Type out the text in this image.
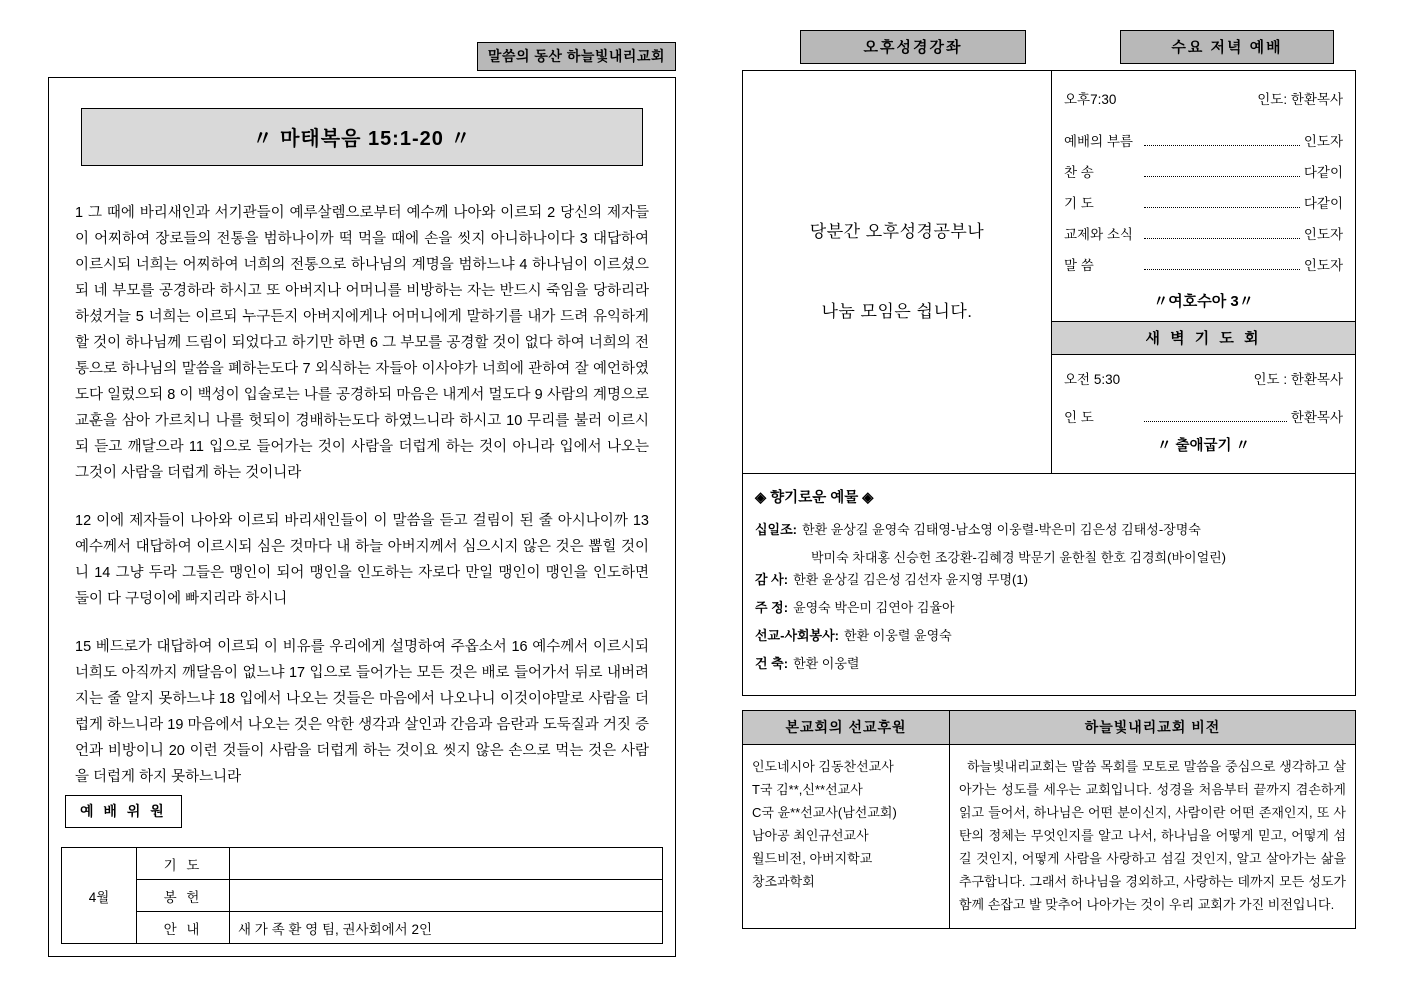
말씀의 동산 하늘빛내리교회
〃 마태복음 15:1-20 〃

1 그 때에 바리새인과 서기관들이 예루살렘으로부터 예수께 나아와 이르되 2 당신의 제자들이 어찌하여 장로들의 전통을 범하나이까 떡 먹을 때에 손을 씻지 아니하나이다 3 대답하여 이르시되 너희는 어찌하여 너희의 전통으로 하나님의 계명을 범하느냐 4 하나님이 이르셨으되 네 부모를 공경하라 하시고 또 아버지나 어머니를 비방하는 자는 반드시 죽임을 당하리라 하셨거늘 5 너희는 이르되 누구든지 아버지에게나 어머니에게 말하기를 내가 드려 유익하게 할 것이 하나님께 드림이 되었다고 하기만 하면 6 그 부모를 공경할 것이 없다 하여 너희의 전통으로 하나님의 말씀을 폐하는도다 7 외식하는 자들아 이사야가 너희에 관하여 잘 예언하였도다 일렀으되 8 이 백성이 입술로는 나를 공경하되 마음은 내게서 멀도다 9 사람의 계명으로 교훈을 삼아 가르치니 나를 헛되이 경배하는도다 하였느니라 하시고 10 무리를 불러 이르시되 듣고 깨달으라 11 입으로 들어가는 것이 사람을 더럽게 하는 것이 아니라 입에서 나오는 그것이 사람을 더럽게 하는 것이니라

12 이에 제자들이 나아와 이르되 바리새인들이 이 말씀을 듣고 걸림이 된 줄 아시나이까 13 예수께서 대답하여 이르시되 심은 것마다 내 하늘 아버지께서 심으시지 않은 것은 뽑힐 것이니 14 그냥 두라 그들은 맹인이 되어 맹인을 인도하는 자로다 만일 맹인이 맹인을 인도하면 둘이 다 구덩이에 빠지리라 하시니

15 베드로가 대답하여 이르되 이 비유를 우리에게 설명하여 주옵소서 16 예수께서 이르시되 너희도 아직까지 깨달음이 없느냐 17 입으로 들어가는 모든 것은 배로 들어가서 뒤로 내버려지는 줄 알지 못하느냐 18 입에서 나오는 것들은 마음에서 나오나니 이것이야말로 사람을 더럽게 하느니라 19 마음에서 나오는 것은 악한 생각과 살인과 간음과 음란과 도둑질과 거짓 증언과 비방이니 20 이런 것들이 사람을 더럽게 하는 것이요 씻지 않은 손으로 먹는 것은 사람을 더럽게 하지 못하느니라

예 배 위 원
4월	기 도	
	봉 헌	
	안 내	새 가 족 환 영 팀, 권사회에서 2인
오후성경강좌	수요 저녁 예배

당분간 오후성경공부나

나눔 모임은 쉽니다.

오후7:30	인도: 한환목사
예배의 부름	인도자
찬 송	다같이
기 도	다같이
교제와 소식	인도자
말 씀	인도자
〃여호수아 3〃
새 벽 기 도 회
오전 5:30	인도 : 한환목사
인 도	한환목사
〃 출애굽기 〃
◈ 향기로운 예물 ◈
십일조: 한환 윤상길 윤영숙 김태영-남소영 이웅렬-박은미 김은성 김태성-장명숙
박미숙 차대홍 신승헌 조강환-김혜경 박문기 윤한칠 한호 김경희(바이얼린)
감 사: 한환 윤상길 김은성 김선자 윤지영 무명(1)
주 정: 윤영숙 박은미 김연아 김율아
선교-사회봉사: 한환 이웅렬 윤영숙
건 축: 한환 이웅렬
본교회의 선교후원	하늘빛내리교회 비전

인도네시아 김동찬선교사
T국 김**,신**선교사
C국 윤**선교사(남선교회)
남아공 최인규선교사
월드비전, 아버지학교
창조과학회

하늘빛내리교회는 말씀 목회를 모토로 말씀을 중심으로 생각하고 살아가는 성도를 세우는 교회입니다. 성경을 처음부터 끝까지 겸손하게 읽고 들어서, 하나님은 어떤 분이신지, 사람이란 어떤 존재인지, 또 사탄의 정체는 무엇인지를 알고 나서, 하나님을 어떻게 믿고, 어떻게 섬길 것인지, 어떻게 사람을 사랑하고 섬길 것인지, 알고 살아가는 삶을 추구합니다. 그래서 하나님을 경외하고, 사랑하는 데까지 모든 성도가 함께 손잡고 발 맞추어 나아가는 것이 우리 교회가 가진 비전입니다.
